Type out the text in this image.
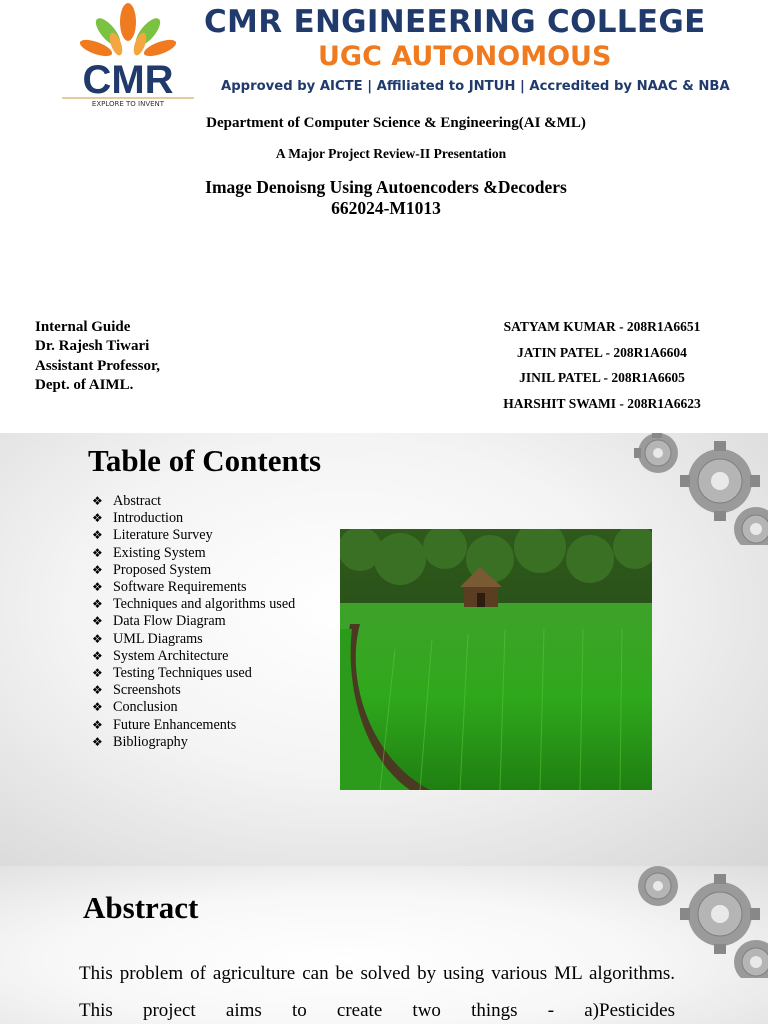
CMR
EXPLORE TO INVENT
CMR ENGINEERING COLLEGE
UGC AUTONOMOUS
Approved by AICTE | Affiliated to JNTUH | Accredited by NAAC & NBA
Department of Computer Science & Engineering(AI &ML)
A Major Project Review-II Presentation
Image Denoisng Using Autoencoders &Decoders
662024-M1013
Internal Guide
Dr. Rajesh Tiwari
Assistant Professor,
Dept. of AIML.
SATYAM KUMAR - 208R1A6651
JATIN PATEL - 208R1A6604
JINIL PATEL - 208R1A6605
HARSHIT SWAMI - 208R1A6623
Table of Contents
❖ Abstract
❖ Introduction
❖ Literature Survey
❖ Existing System
❖ Proposed System
❖ Software Requirements
❖ Techniques and algorithms used
❖ Data Flow Diagram
❖ UML Diagrams
❖ System Architecture
❖ Testing Techniques used
❖ Screenshots
❖ Conclusion
❖ Future Enhancements
❖ Bibliography
Abstract

This problem of agriculture can be solved by using various ML algorithms. This project aims to create two things - a)Pesticides
